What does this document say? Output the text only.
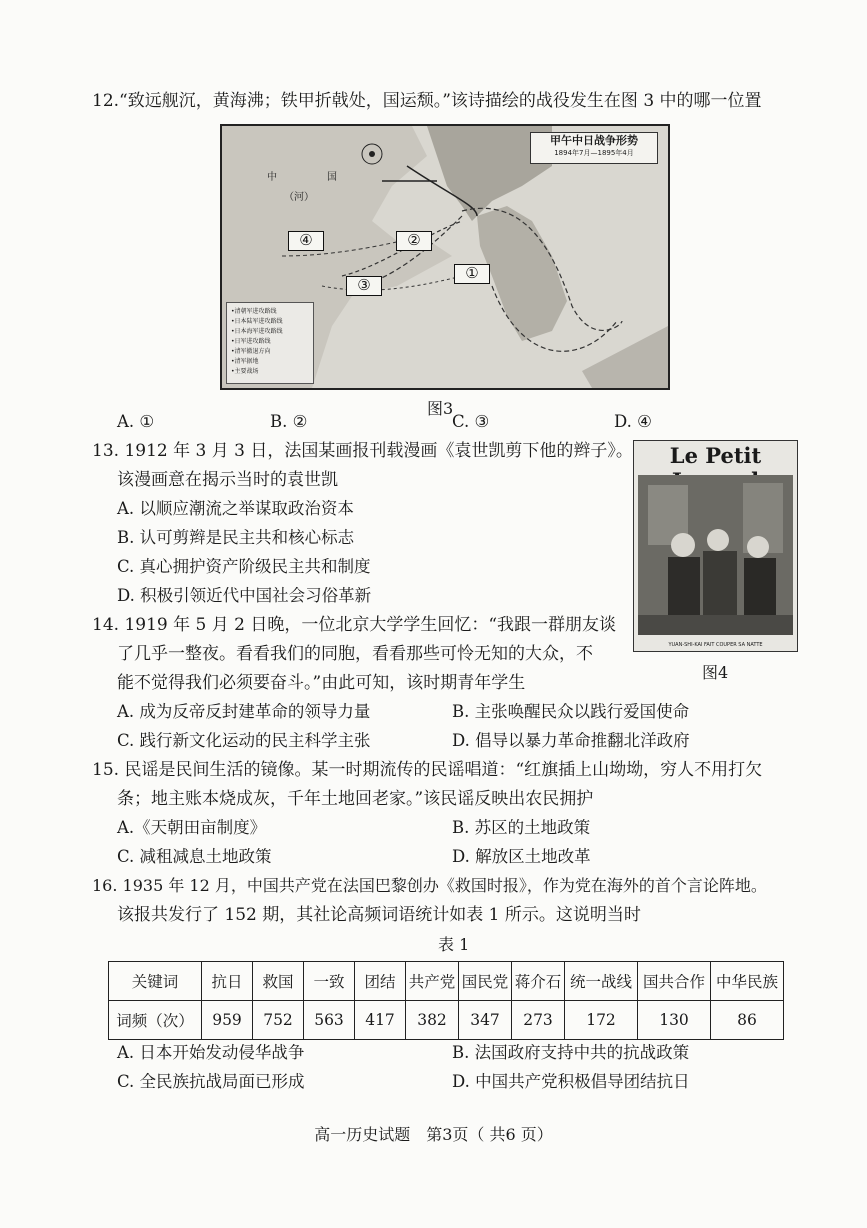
12.“致远舰沉，黄海沸；铁甲折戟处，国运颓。”该诗描绘的战役发生在图 3 中的哪一位置
甲午中日战争形势
1894年7月—1895年4月
中	国
（河）
①
②
③
④
•清朝军进攻路线
•日本陆军进攻路线
•日本海军进攻路线
•日军进攻路线
•清军撤退方向
•清军据地
•主要战场
图3
A. ①	B. ②	C. ③	D. ④
13. 1912 年 3 月 3 日，法国某画报刊载漫画《袁世凯剪下他的辫子》。
该漫画意在揭示当时的袁世凯
A. 以顺应潮流之举谋取政治资本
B. 认可剪辫是民主共和核心标志
C. 真心拥护资产阶级民主共和制度
D. 积极引领近代中国社会习俗革新
Le Petit
YUAN-SHI-KAI FAIT COUPER SA NATTE
图4
14. 1919 年 5 月 2 日晚，一位北京大学学生回忆：“我跟一群朋友谈
了几乎一整夜。看看我们的同胞，看看那些可怜无知的大众，不
能不觉得我们必须要奋斗。”由此可知，该时期青年学生
A. 成为反帝反封建革命的领导力量	B. 主张唤醒民众以践行爱国使命
C. 践行新文化运动的民主科学主张	D. 倡导以暴力革命推翻北洋政府
15. 民谣是民间生活的镜像。某一时期流传的民谣唱道：“红旗插上山坳坳，穷人不用打欠
条；地主账本烧成灰，千年土地回老家。”该民谣反映出农民拥护
A.《天朝田亩制度》	B. 苏区的土地政策
C. 减租减息土地政策	D. 解放区土地改革
16. 1935 年 12 月，中国共产党在法国巴黎创办《救国时报》，作为党在海外的首个言论阵地。
该报共发行了 152 期，其社论高频词语统计如表 1 所示。这说明当时
表 1
关键词	抗日	救国	一致	团结	共产党	国民党	蒋介石	统一战线	国共合作	中华民族
词频（次）	959	752	563	417	382	347	273	172	130	86
A. 日本开始发动侵华战争	B. 法国政府支持中共的抗战政策
C. 全民族抗战局面已形成	D. 中国共产党积极倡导团结抗日
高一历史试题　第3页（ 共6 页）
